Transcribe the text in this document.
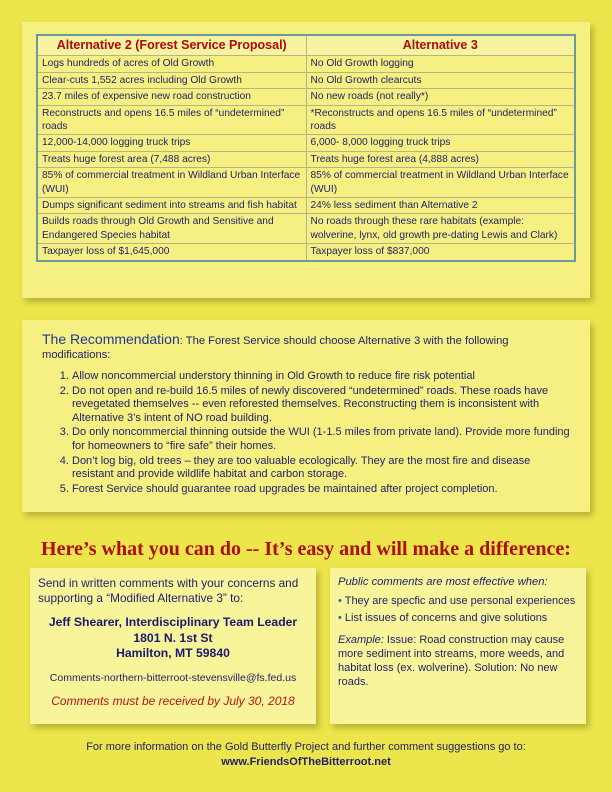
Alternative 2 (Forest Service Proposal)	Alternative 3
Logs hundreds of acres of Old Growth	No Old Growth logging
Clear-cuts 1,552 acres including Old Growth	No Old Growth clearcuts
23.7 miles of expensive new road construction	No new roads (not really*)
Reconstructs and opens 16.5 miles of “undetermined” roads	*Reconstructs and opens 16.5 miles of “undetermined” roads
12,000-14,000 logging truck trips	6,000- 8,000 logging truck trips
Treats huge forest area (7,488 acres)	Treats huge forest area (4,888 acres)
85% of commercial treatment in Wildland Urban Interface (WUI)	85% of commercial treatment in Wildland Urban Interface (WUI)
Dumps significant sediment into streams and fish habitat	24% less sediment than Alternative 2
Builds roads through Old Growth and Sensitive and Endangered Species habitat	No roads through these rare habitats (example: wolverine, lynx, old growth pre-dating Lewis and Clark)
Taxpayer loss of $1,645,000	Taxpayer loss of $837,000

The Recommendation: The Forest Service should choose Alternative 3 with the following modifications:

1. Allow noncommercial understory thinning in Old Growth to reduce fire risk potential
2. Do not open and re-build 16.5 miles of newly discovered “undetermined” roads. These roads have revegetated themselves -- even reforested themselves. Reconstructing them is inconsistent with Alternative 3’s intent of NO road building.
3. Do only noncommercial thinning outside the WUI (1-1.5 miles from private land). Provide more funding for homeowners to “fire safe” their homes.
4. Don’t log big, old trees – they are too valuable ecologically. They are the most fire and disease resistant and provide wildlife habitat and carbon storage.
5. Forest Service should guarantee road upgrades be maintained after project completion.
Here’s what you can do -- It’s easy and will make a difference:

Send in written comments with your concerns and supporting a “Modified Alternative 3” to:

Jeff Shearer, Interdisciplinary Team Leader

1801 N. 1st St

Hamilton, MT 59840

Comments-northern-bitterroot-stevensville@fs.fed.us

Comments must be received by July 30, 2018

Public comments are most effective when:

• They are specfic and use personal experiences
• List issues of concerns and give solutions

Example: Issue: Road construction may cause more sediment into streams, more weeds, and habitat loss (ex. wolverine). Solution: No new roads.

For more information on the Gold Butterfly Project and further comment suggestions go to:
www.FriendsOfTheBitterroot.net
